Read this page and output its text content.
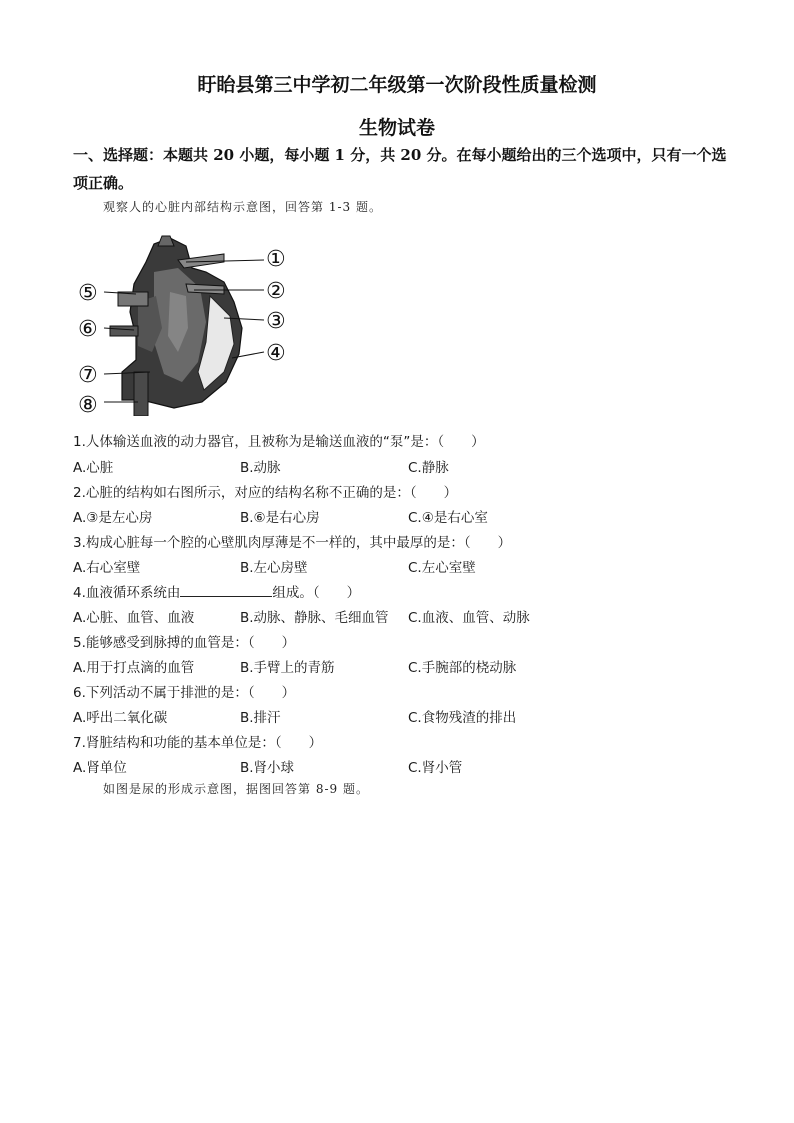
盱眙县第三中学初二年级第一次阶段性质量检测
生物试卷
一、选择题：本题共 20 小题，每小题 1 分，共 20 分。在每小题给出的三个选项中，只有一个选项正确。
观察人的心脏内部结构示意图，回答第 1-3 题。
①
②
③
④
⑤
⑥
⑦
⑧
1.人体输送血液的动力器官，且被称为是输送血液的“泵”是：（　　）
A.心脏	B.动脉	C.静脉
2.心脏的结构如右图所示，对应的结构名称不正确的是：（　　）
A.③是左心房	B.⑥是右心房	C.④是右心室
3.构成心脏每一个腔的心壁肌肉厚薄是不一样的，其中最厚的是：（　　）
A.右心室壁	B.左心房壁	C.左心室壁
4.血液循环系统由	组成。（　　）
A.心脏、血管、血液	B.动脉、静脉、毛细血管 C.血液、血管、动脉
5.能够感受到脉搏的血管是：（　　）
A.用于打点滴的血管	B.手臂上的青筋	C.手腕部的桡动脉
6.下列活动不属于排泄的是：（　　）
A.呼出二氧化碳	B.排汗	C.食物残渣的排出
7.肾脏结构和功能的基本单位是：（　　）
A.肾单位	B.肾小球	C.肾小管
如图是尿的形成示意图，据图回答第 8-9 题。
